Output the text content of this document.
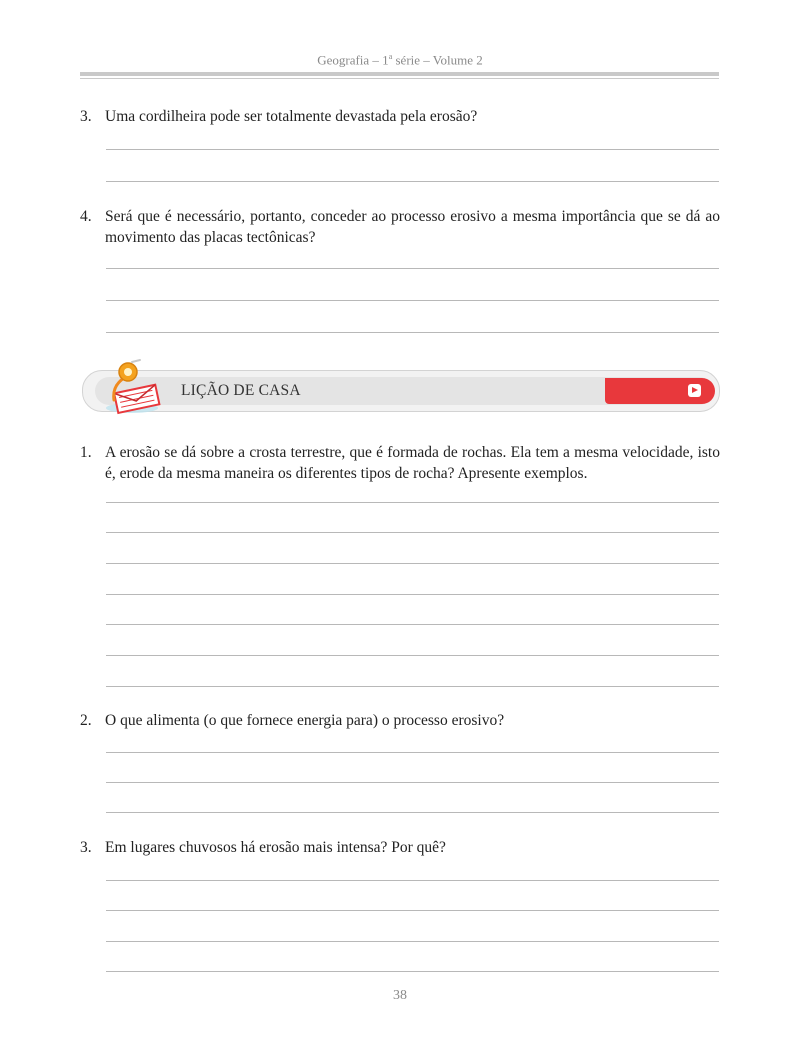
Geografia – 1$^a$ série – Volume 2
3. Uma cordilheira pode ser totalmente devastada pela erosão?
4. Será que é necessário, portanto, conceder ao processo erosivo a mesma importância que se dá ao movimento das placas tectônicas?
LIÇÃO DE CASA
1. A erosão se dá sobre a crosta terrestre, que é formada de rochas. Ela tem a mesma velocidade, isto é, erode da mesma maneira os diferentes tipos de rocha? Apresente exemplos.
2. O que alimenta (o que fornece energia para) o processo erosivo?
3. Em lugares chuvosos há erosão mais intensa? Por quê?
38
